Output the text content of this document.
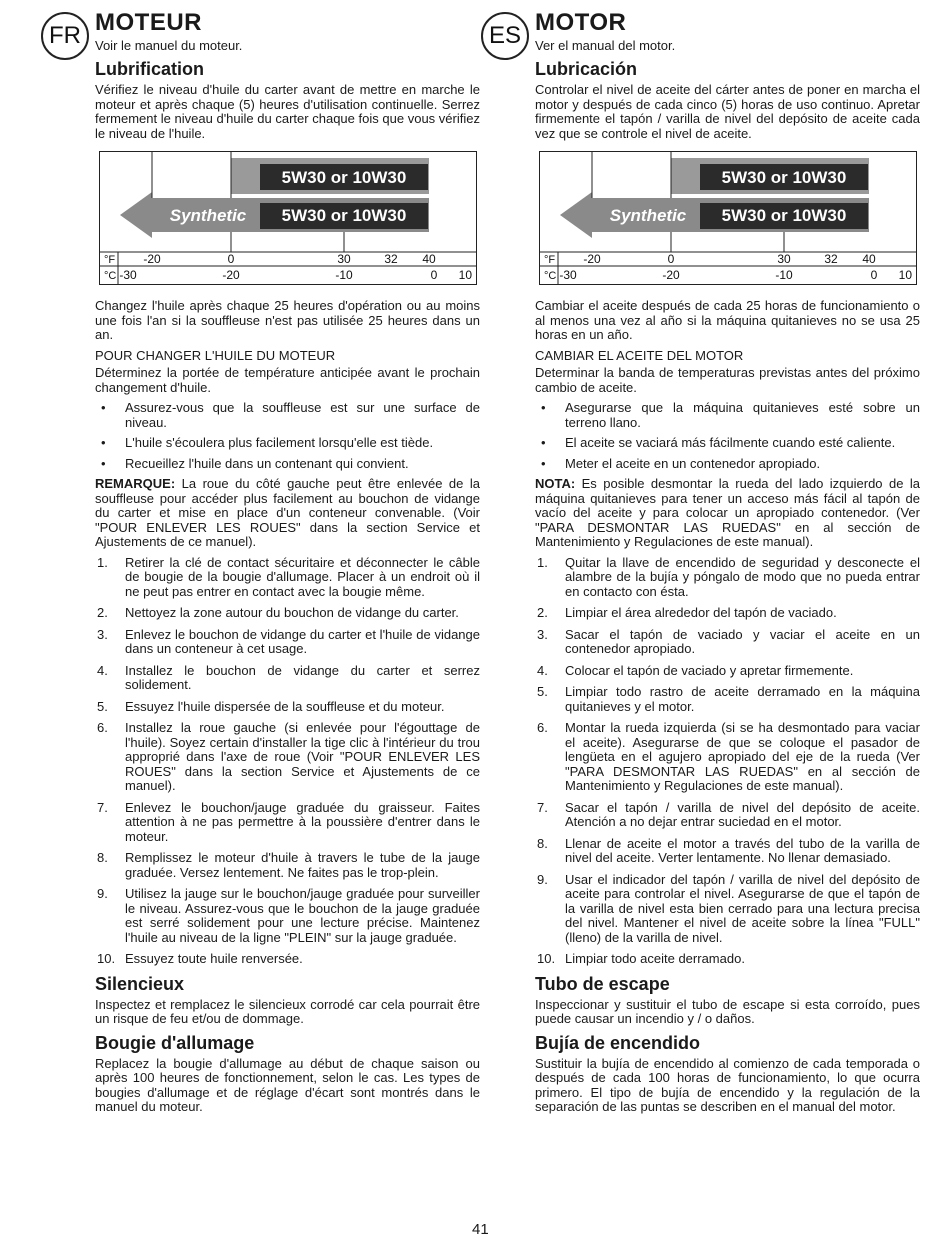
FR	ES
MOTEUR
Voir le manuel du moteur.
Lubrification

Vérifiez le niveau d'huile du carter avant de mettre en marche le moteur et après chaque (5) heures d'utilisation continuelle. Serrez fermement le niveau d'huile du carter chaque fois que vous vérifiez le niveau de l'huile.

5W30 or 10W30
Synthetic 5W30 or 10W30
°F -20	0	30	32 40
°C -30	-20	-10	0 10

Changez l'huile après chaque 25 heures d'opération ou au moins une fois l'an si la souffleuse n'est pas utilisée 25 heures dans un an.

POUR CHANGER L'HUILE DU MOTEUR

Déterminez la portée de température anticipée avant le prochain changement d'huile.

• Assurez-vous que la souffleuse est sur une surface de niveau.
• L'huile s'écoulera plus facilement lorsqu'elle est tiède.
• Recueillez l'huile dans un contenant qui convient.

REMARQUE: La roue du côté gauche peut être enlevée de la souffleuse pour accéder plus facilement au bouchon de vidange du carter et mise en place d'un conteneur convenable. (Voir "POUR ENLEVER LES ROUES" dans la section Service et Ajustements de ce manuel).

1. Retirer la clé de contact sécuritaire et déconnecter le câble de bougie de la bougie d'allumage. Placer à un endroit où il ne peut pas entrer en contact avec la bougie même.
2. Nettoyez la zone autour du bouchon de vidange du carter.
3. Enlevez le bouchon de vidange du carter et l'huile de vidange dans un conteneur à cet usage.
4. Installez le bouchon de vidange du carter et serrez solidement.
5. Essuyez l'huile dispersée de la souffleuse et du moteur.
6. Installez la roue gauche (si enlevée pour l'égouttage de l'huile). Soyez certain d'installer la tige clic à l'intérieur du trou approprié dans l'axe de roue (Voir "POUR ENLEVER LES ROUES" dans la section Service et Ajustements de ce manuel).
7. Enlevez le bouchon/jauge graduée du graisseur. Faites attention à ne pas permettre à la poussière d'entrer dans le moteur.
8. Remplissez le moteur d'huile à travers le tube de la jauge graduée. Versez lentement. Ne faites pas le trop-plein.
9. Utilisez la jauge sur le bouchon/jauge graduée pour surveiller le niveau. Assurez-vous que le bouchon de la jauge graduée est serré solidement pour une lecture précise. Maintenez l'huile au niveau de la ligne "PLEIN" sur la jauge graduée.
10. Essuyez toute huile renversée.
Silencieux

Inspectez et remplacez le silencieux corrodé car cela pourrait être un risque de feu et/ou de dommage.

Bougie d'allumage

Replacez la bougie d'allumage au début de chaque saison ou après 100 heures de fonctionnement, selon le cas. Les types de bougies d'allumage et de réglage d'écart sont montrés dans le manuel du moteur.

MOTOR
Ver el manual del motor.
Lubricación

Controlar el nivel de aceite del cárter antes de poner en marcha el motor y después de cada cinco (5) horas de uso continuo. Apretar firmemente el tapón / varilla de nivel del depósito de aceite cada vez que se controle el nivel de aceite.

5W30 or 10W30
Synthetic 5W30 or 10W30
°F -20	0	30	32 40
°C -30	-20	-10	0 10

Cambiar el aceite después de cada 25 horas de funcionamiento o al menos una vez al año si la máquina quitanieves no se usa 25 horas en un año.

CAMBIAR EL ACEITE DEL MOTOR

Determinar la banda de temperaturas previstas antes del próximo cambio de aceite.

• Asegurarse que la máquina quitanieves esté sobre un terreno llano.
• El aceite se vaciará más fácilmente cuando esté caliente.
• Meter el aceite en un contenedor apropiado.

NOTA: Es posible desmontar la rueda del lado izquierdo de la máquina quitanieves para tener un acceso más fácil al tapón de vacío del aceite y para colocar un apropiado contenedor. (Ver "PARA DESMONTAR LAS RUEDAS" en al sección de Mantenimiento y Regulaciones de este manual).

1. Quitar la llave de encendido de seguridad y desconecte el alambre de la bujía y póngalo de modo que no pueda entrar en contacto con ésta.
2. Limpiar el área alrededor del tapón de vaciado.
3. Sacar el tapón de vaciado y vaciar el aceite en un contenedor apropiado.
4. Colocar el tapón de vaciado y apretar firmemente.
5. Limpiar todo rastro de aceite derramado en la máquina quitanieves y el motor.
6. Montar la rueda izquierda (si se ha desmontado para vaciar el aceite). Asegurarse de que se coloque el pasador de lengüeta en el agujero apropiado del eje de la rueda (Ver "PARA DESMONTAR LAS RUEDAS" en al sección de Mantenimiento y Regulaciones de este manual).
7. Sacar el tapón / varilla de nivel del depósito de aceite. Atención a no dejar entrar suciedad en el motor.
8. Llenar de aceite el motor a través del tubo de la varilla de nivel del aceite. Verter lentamente. No llenar demasiado.
9. Usar el indicador del tapón / varilla de nivel del depósito de aceite para controlar el nivel. Asegurarse de que el tapón de la varilla de nivel esta bien cerrado para una lectura precisa del nivel. Mantener el nivel de aceite sobre la línea "FULL" (lleno) de la varilla de nivel.
10. Limpiar todo aceite derramado.
Tubo de escape

Inspeccionar y sustituir el tubo de escape si esta corroído, pues puede causar un incendio y / o daños.

Bujía de encendido

Sustituir la bujía de encendido al comienzo de cada temporada o después de cada 100 horas de funcionamiento, lo que ocurra primero. El tipo de bujía de encendido y la regulación de la separación de las puntas se describen en el manual del motor.

41
